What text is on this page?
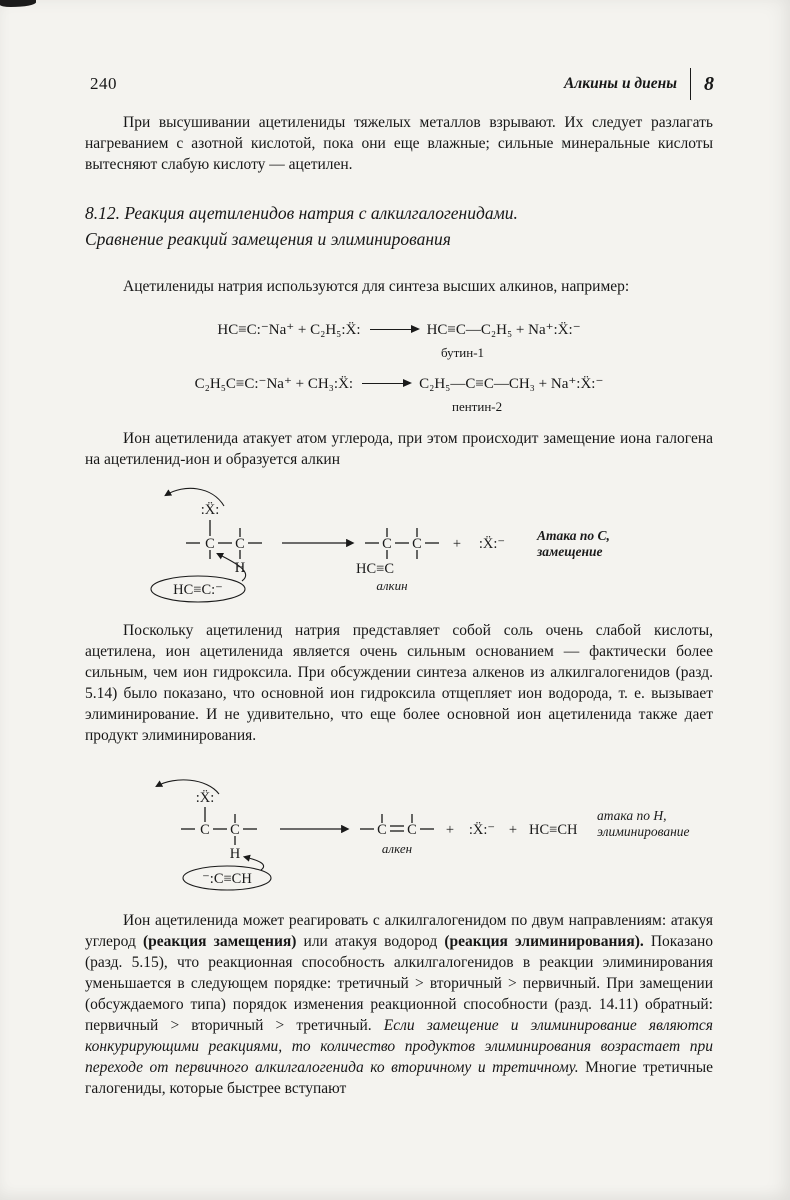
240	Алкины и диены 8

При высушивании ацетилениды тяжелых металлов взрывают. Их следует разлагать нагреванием с азотной кислотой, пока они еще влажные; сильные минеральные кислоты вытесняют слабую кислоту — ацетилен.

8.12. Реакция ацетиленидов натрия с алкилгалогенидами.
Сравнение реакций замещения и элиминирования

Ацетилениды натрия используются для синтеза высших алкинов, например:

HC≡C:⁻Na⁺ + C₂H₅:Ẍ: → HC≡C—C₂H₅ + Na⁺:Ẍ:⁻
бутин-1
C₂H₅C≡C:⁻Na⁺ + CH₃:Ẍ: → C₂H₅—C≡C—CH₃ + Na⁺:Ẍ:⁻
пентин-2

Ион ацетиленида атакует атом углерода, при этом происходит замещение иона галогена на ацетиленид-ион и образуется алкин

:Ẍ:
C C
H
HC≡C:⁻
C C
HC≡C
алкин
+ :Ẍ:⁻
Атака по C,
замещение

Поскольку ацетиленид натрия представляет собой соль очень слабой кислоты, ацетилена, ион ацетиленида является очень сильным основанием — фактически более сильным, чем ион гидроксила. При обсуждении синтеза алкенов из алкилгалогенидов (разд. 5.14) было показано, что основной ион гидроксила отщепляет ион водорода, т. е. вызывает элиминирование. И не удивительно, что еще более основной ион ацетиленида также дает продукт элиминирования.

:Ẍ:
C C
H
⁻:C≡CH
C C
алкен
+ :Ẍ:⁻ + HC≡CH
атака по H,
элиминирование

Ион ацетиленида может реагировать с алкилгалогенидом по двум направлениям: атакуя углерод (реакция замещения) или атакуя водород (реакция элиминирования). Показано (разд. 5.15), что реакционная способность алкилгалогенидов в реакции элиминирования уменьшается в следующем порядке: третичный > вторичный > первичный. При замещении (обсуждаемого типа) порядок изменения реакционной способности (разд. 14.11) обратный: первичный > вторичный > третичный. Если замещение и элиминирование являются конкурирующими реакциями, то количество продуктов элиминирования возрастает при переходе от первичного алкилгалогенида ко вторичному и третичному. Многие третичные галогениды, которые быстрее вступают
